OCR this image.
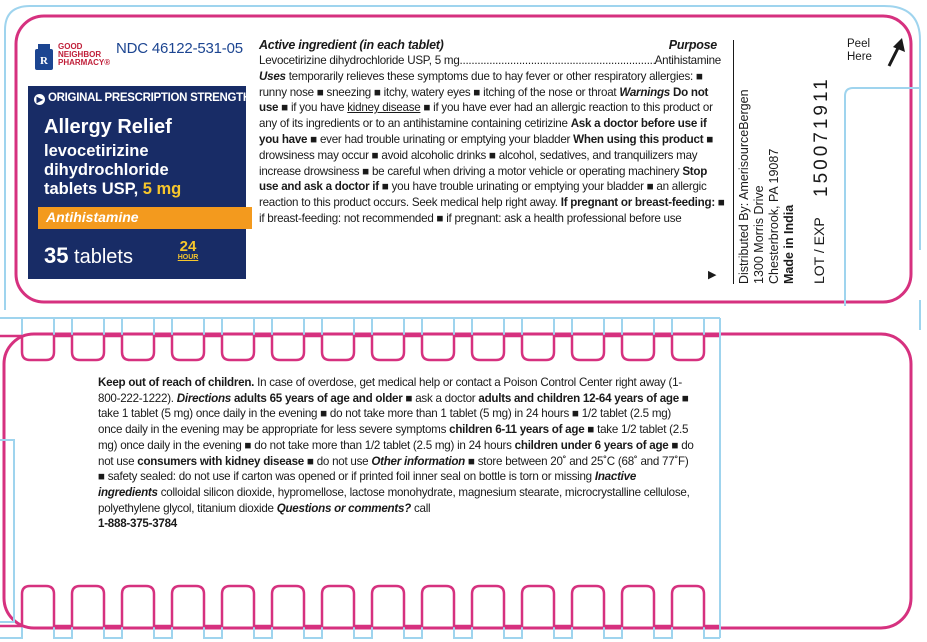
R
GOOD NEIGHBOR PHARMACY®
NDC 46122-531-05
▶ ORIGINAL PRESCRIPTION STRENGTH
Allergy Relief
levocetirizine
dihydrochloride
tablets USP, 5 mg
Antihistamine
35 tablets	24
HOUR
Active ingredient (in each tablet)	Purpose
Levocetirizine dihydrochloride USP, 5 mg
.....	Antihistamine

Uses temporarily relieves these symptoms due to hay fever or other respiratory allergies: ■ runny nose ■ sneezing ■ itchy, watery eyes ■ itching of the nose or throat Warnings Do not use ■ if you have kidney disease ■ if you have ever had an allergic reaction to this product or any of its ingredients or to an antihistamine containing cetirizine Ask a doctor before use if you have ■ ever had trouble urinating or emptying your bladder When using this product ■ drowsiness may occur ■ avoid alcoholic drinks ■ alcohol, sedatives, and tranquilizers may increase drowsiness ■ be careful when driving a motor vehicle or operating machinery Stop use and ask a doctor if ■ you have trouble urinating or emptying your bladder ■ an allergic reaction to this product occurs. Seek medical help right away. If pregnant or breast-feeding: ■ if breast-feeding: not recommended ■ if pregnant: ask a health professional before use

▶ Distributed By: AmerisourceBergen 1300 Morris Drive Chesterbrook, PA 19087 Made in India LOT / EXP
150071911
Peel
Here

Keep out of reach of children. In case of overdose, get medical help or contact a Poison Control Center right away (1-800-222-1222). Directions adults 65 years of age and older ■ ask a doctor adults and children 12-64 years of age ■ take 1 tablet (5 mg) once daily in the evening ■ do not take more than 1 tablet (5 mg) in 24 hours ■ 1/2 tablet (2.5 mg) once daily in the evening may be appropriate for less severe symptoms children 6-11 years of age ■ take 1/2 tablet (2.5 mg) once daily in the evening ■ do not take more than 1/2 tablet (2.5 mg) in 24 hours children under 6 years of age ■ do not use consumers with kidney disease ■ do not use Other information ■ store between 20˚ and 25˚C (68˚ and 77˚F) ■ safety sealed: do not use if carton was opened or if printed foil inner seal on bottle is torn or missing Inactive ingredients colloidal silicon dioxide, hypromellose, lactose monohydrate, magnesium stearate, microcrystalline cellulose, polyethylene glycol, titanium dioxide Questions or comments? call
1-888-375-3784
